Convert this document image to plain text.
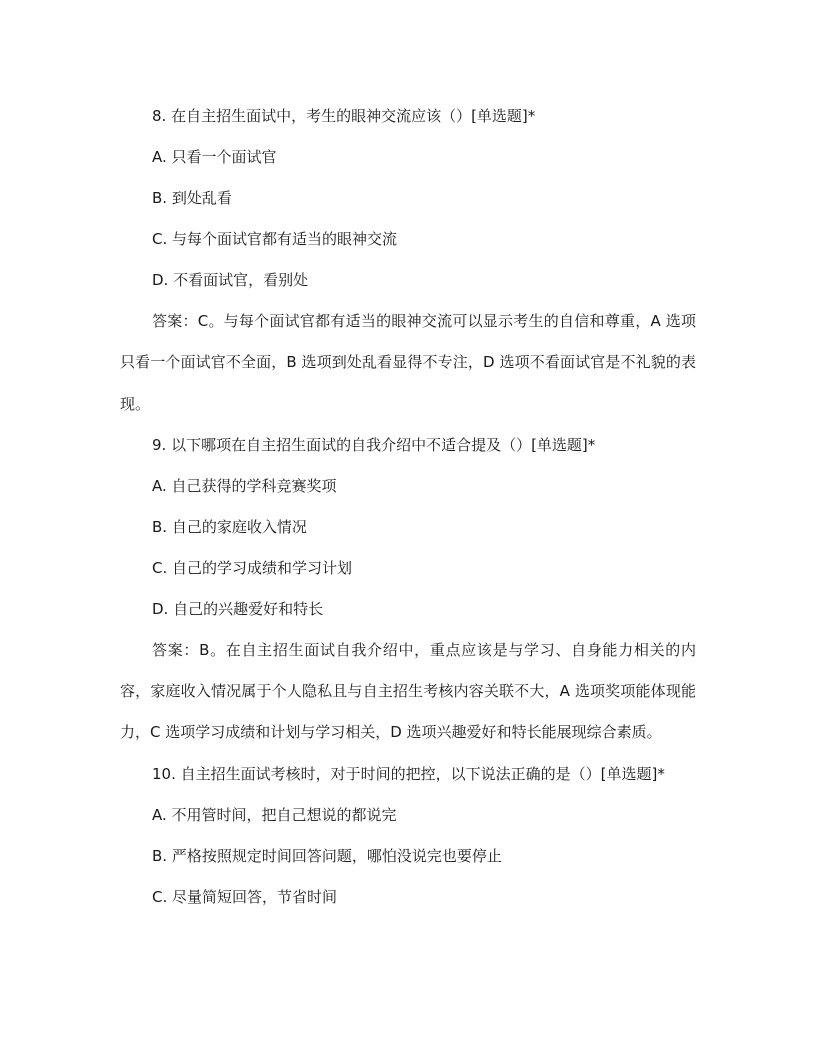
8. 在自主招生面试中，考生的眼神交流应该（）[单选题]*
A. 只看一个面试官
B. 到处乱看
C. 与每个面试官都有适当的眼神交流
D. 不看面试官，看别处

答案：C。与每个面试官都有适当的眼神交流可以显示考生的自信和尊重，A 选项只看一个面试官不全面，B 选项到处乱看显得不专注，D 选项不看面试官是不礼貌的表现。

9. 以下哪项在自主招生面试的自我介绍中不适合提及（）[单选题]*
A. 自己获得的学科竞赛奖项
B. 自己的家庭收入情况
C. 自己的学习成绩和学习计划
D. 自己的兴趣爱好和特长

答案：B。在自主招生面试自我介绍中，重点应该是与学习、自身能力相关的内容，家庭收入情况属于个人隐私且与自主招生考核内容关联不大，A 选项奖项能体现能力，C 选项学习成绩和计划与学习相关，D 选项兴趣爱好和特长能展现综合素质。

10. 自主招生面试考核时，对于时间的把控，以下说法正确的是（）[单选题]*
A. 不用管时间，把自己想说的都说完
B. 严格按照规定时间回答问题，哪怕没说完也要停止
C. 尽量简短回答，节省时间
